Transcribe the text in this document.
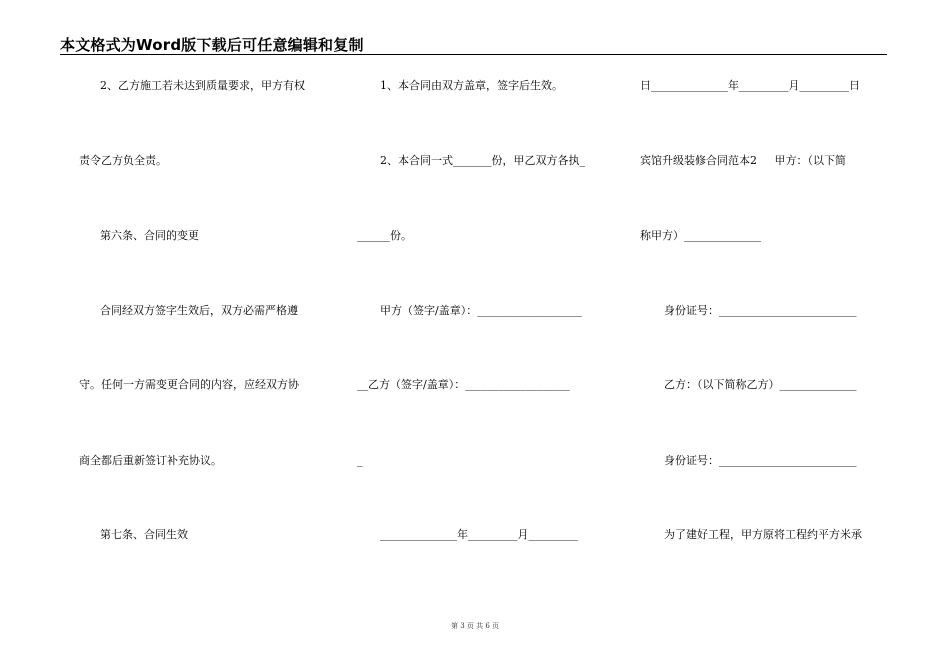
本文格式为Word版下载后可任意编辑和复制
2、乙方施工若未达到质量要求，甲方有权
责令乙方负全责。
第六条、合同的变更
合同经双方签字生效后，双方必需严格遵
守。任何一方需变更合同的内容，应经双方协
商全都后重新签订补充协议。
第七条、合同生效
1、本合同由双方盖章，签字后生效。
2、本合同一式_______份，甲乙双方各执_
______份。
甲方（签字/盖章）：___________________
__乙方（签字/盖章）：___________________
_
______________年_________月_________
日______________年_________月_________日
宾馆升级装修合同范本2     甲方：（以下简
称甲方）______________
身份证号：_________________________
乙方：（以下简称乙方）______________
身份证号：_________________________
为了建好工程，甲方原将工程约平方米承
第 3 页 共 6 页
